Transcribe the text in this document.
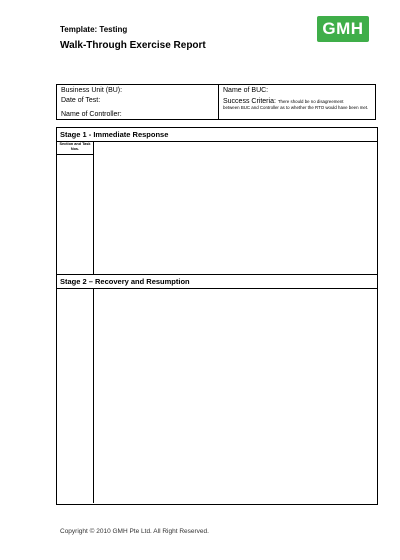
Template: Testing
Walk-Through Exercise Report
GMH
Business Unit (BU):
Date of Test:
Name of Controller:
Name of BUC:
Success Criteria: There should be no disagreement
between BUC and Controller as to whether the RTO would have been met.
Stage 1 - Immediate Response
Section and Task Nos.
Stage 2 – Recovery and Resumption
Copyright © 2010 GMH Pte Ltd. All Right Reserved.
